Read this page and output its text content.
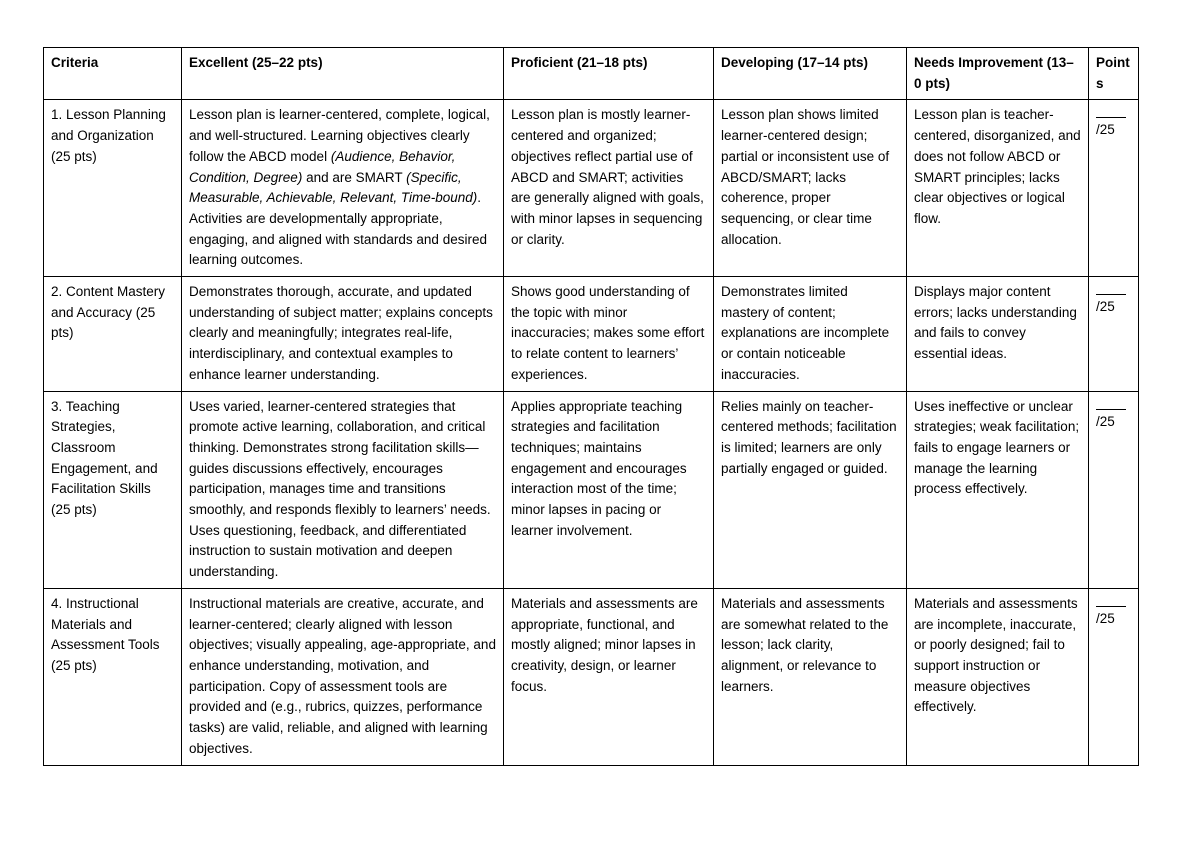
Criteria	Excellent (25–22 pts)	Proficient (21–18 pts)	Developing (17–14 pts)	Needs Improvement (13–0 pts)	Points
1. Lesson Planning and Organization (25 pts)	Lesson plan is learner-centered, complete, logical, and well-structured. Learning objectives clearly follow the ABCD model (Audience, Behavior, Condition, Degree) and are SMART (Specific, Measurable, Achievable, Relevant, Time-bound). Activities are developmentally appropriate, engaging, and aligned with standards and desired learning outcomes.	Lesson plan is mostly learner-centered and organized; objectives reflect partial use of ABCD and SMART; activities are generally aligned with goals, with minor lapses in sequencing or clarity.	Lesson plan shows limited learner-centered design; partial or inconsistent use of ABCD/SMART; lacks coherence, proper sequencing, or clear time allocation.	Lesson plan is teacher-centered, disorganized, and does not follow ABCD or SMART principles; lacks clear objectives or logical flow.	/25

2. Content Mastery and Accuracy (25 pts)	Demonstrates thorough, accurate, and updated understanding of subject matter; explains concepts clearly and meaningfully; integrates real-life, interdisciplinary, and contextual examples to enhance learner understanding.	Shows good understanding of the topic with minor inaccuracies; makes some effort to relate content to learners’ experiences.	Demonstrates limited mastery of content; explanations are incomplete or contain noticeable inaccuracies.	Displays major content errors; lacks understanding and fails to convey essential ideas.	/25

3. Teaching Strategies, Classroom Engagement, and Facilitation Skills (25 pts)	Uses varied, learner-centered strategies that promote active learning, collaboration, and critical thinking. Demonstrates strong facilitation skills—guides discussions effectively, encourages participation, manages time and transitions smoothly, and responds flexibly to learners’ needs. Uses questioning, feedback, and differentiated instruction to sustain motivation and deepen understanding.	Applies appropriate teaching strategies and facilitation techniques; maintains engagement and encourages interaction most of the time; minor lapses in pacing or learner involvement.	Relies mainly on teacher-centered methods; facilitation is limited; learners are only partially engaged or guided.	Uses ineffective or unclear strategies; weak facilitation; fails to engage learners or manage the learning process effectively.	/25

4. Instructional Materials and Assessment Tools (25 pts)	Instructional materials are creative, accurate, and learner-centered; clearly aligned with lesson objectives; visually appealing, age-appropriate, and enhance understanding, motivation, and participation. Copy of assessment tools are provided and (e.g., rubrics, quizzes, performance tasks) are valid, reliable, and aligned with learning objectives.	Materials and assessments are appropriate, functional, and mostly aligned; minor lapses in creativity, design, or learner focus.	Materials and assessments are somewhat related to the lesson; lack clarity, alignment, or relevance to learners.	Materials and assessments are incomplete, inaccurate, or poorly designed; fail to support instruction or measure objectives effectively.	/25
